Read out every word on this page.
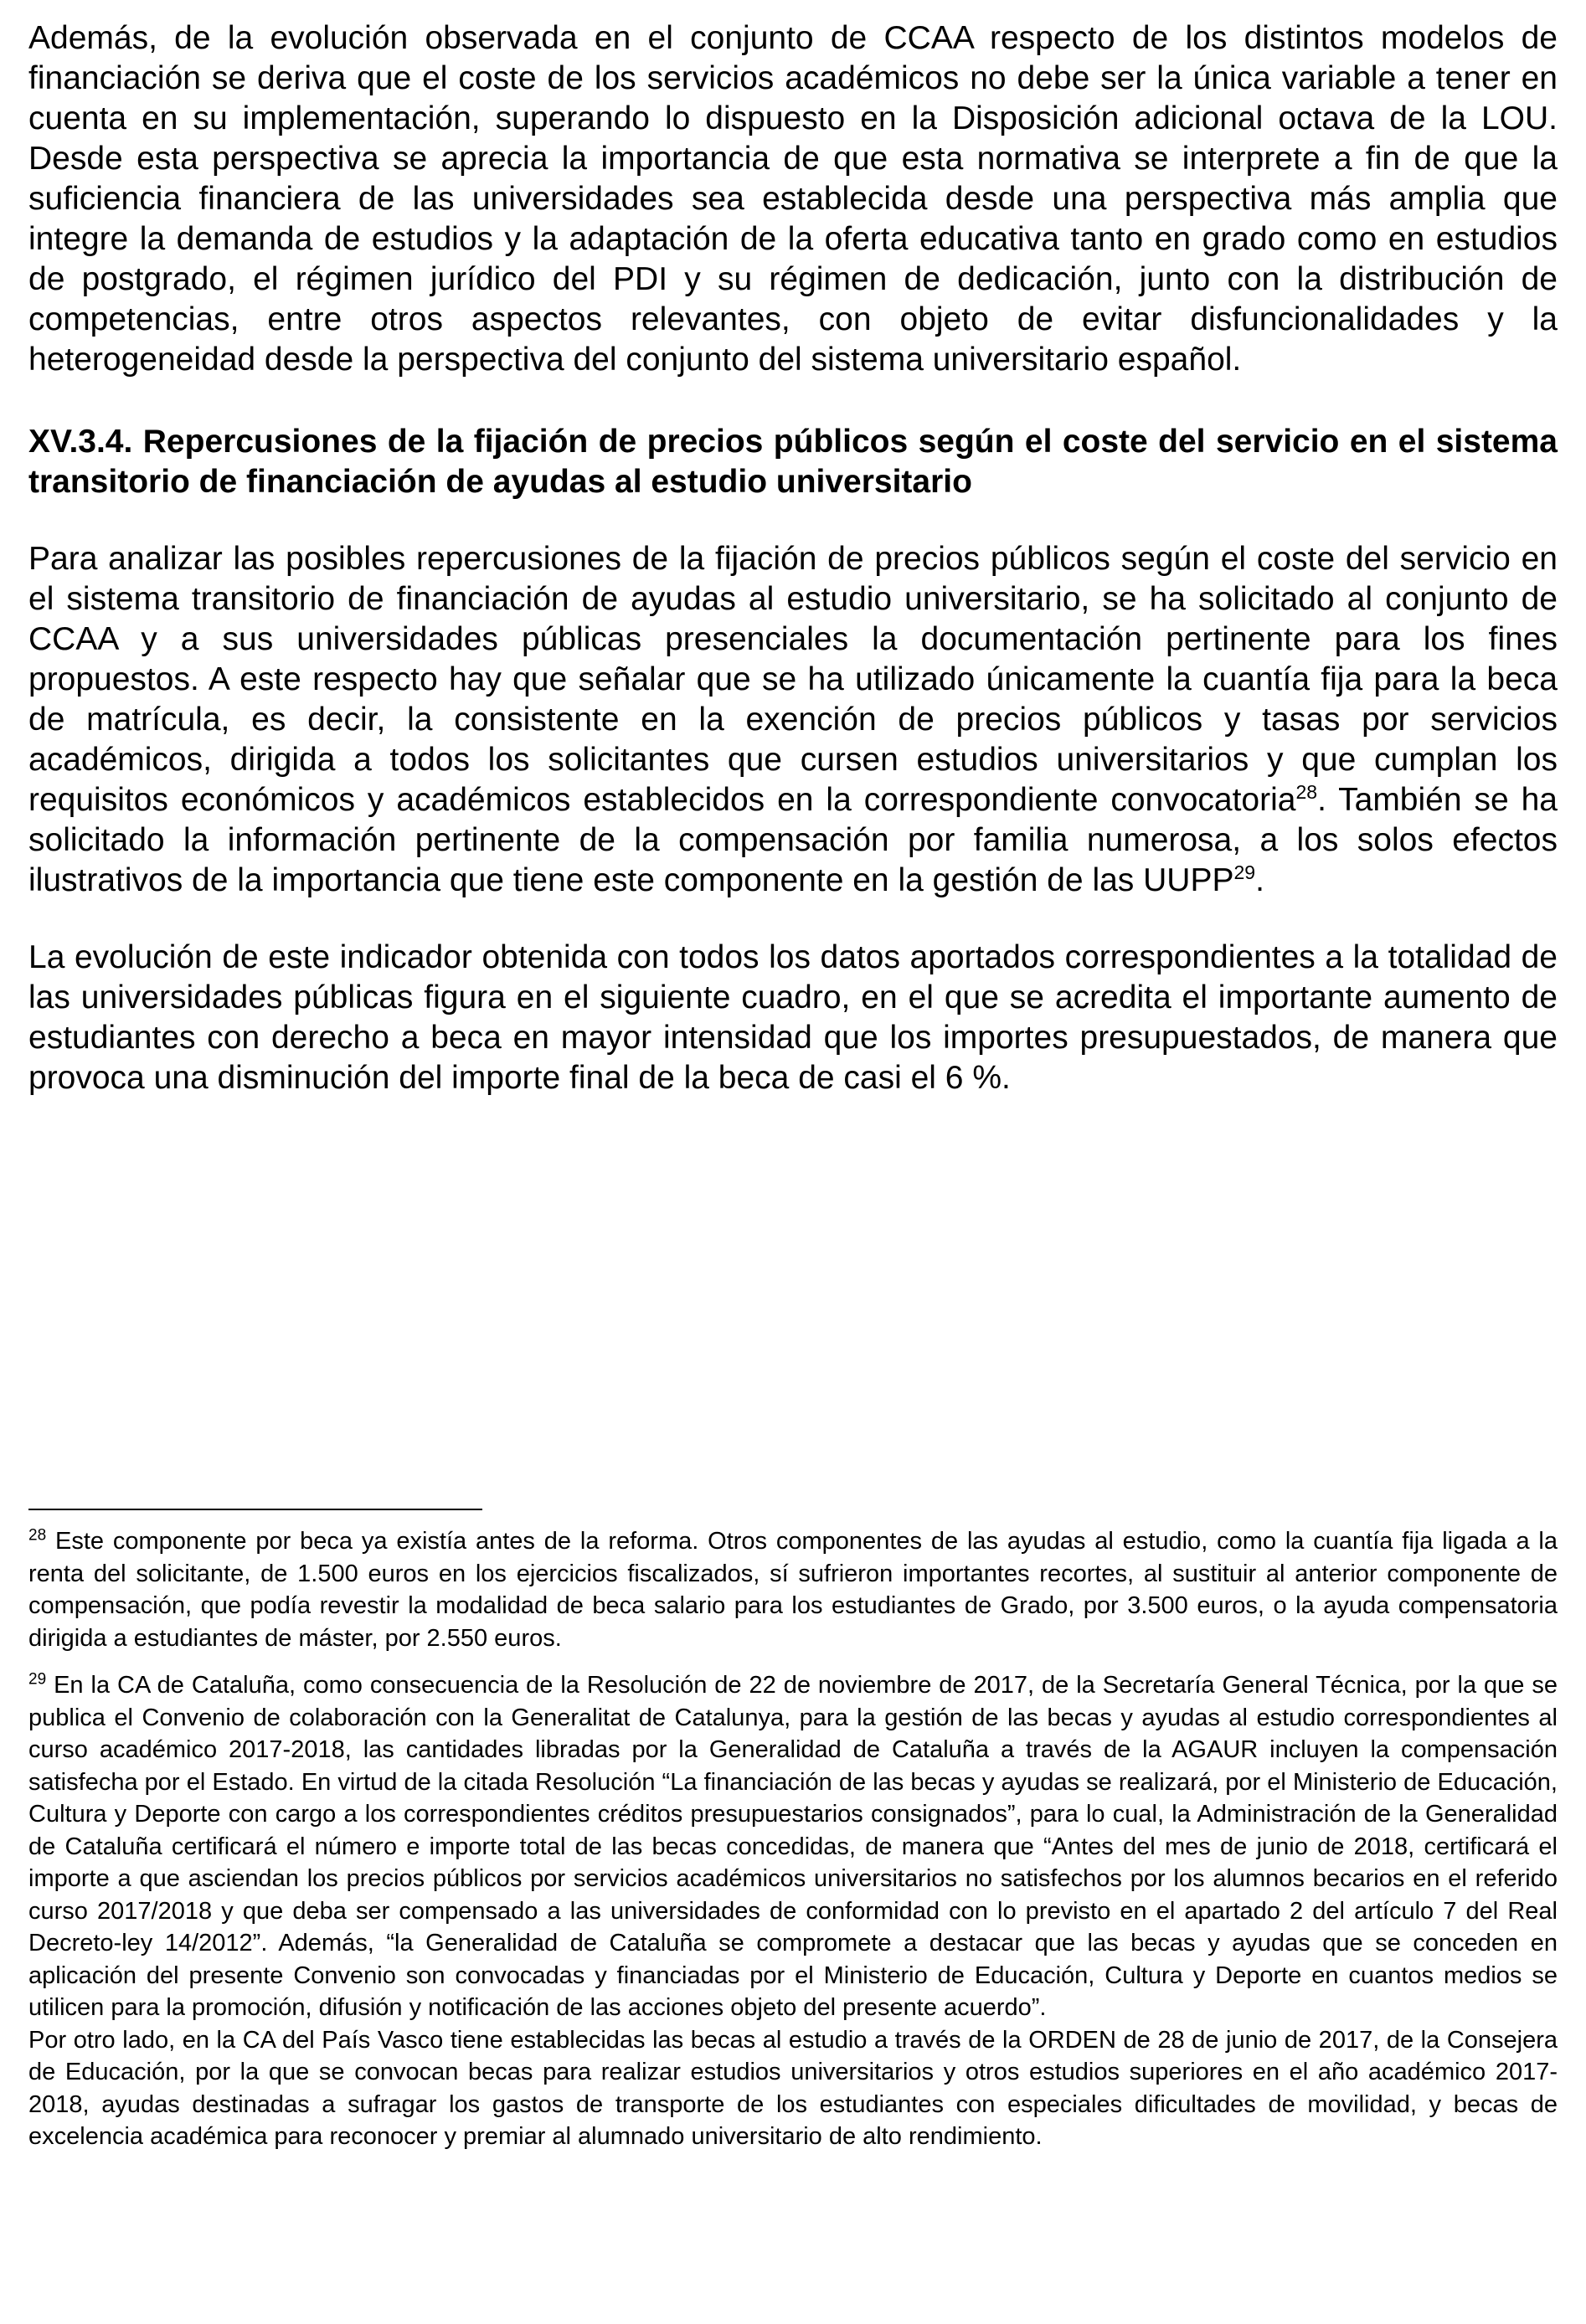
Además, de la evolución observada en el conjunto de CCAA respecto de los distintos modelos de financiación se deriva que el coste de los servicios académicos no debe ser la única variable a tener en cuenta en su implementación, superando lo dispuesto en la Disposición adicional octava de la LOU. Desde esta perspectiva se aprecia la importancia de que esta normativa se interprete a fin de que la suficiencia financiera de las universidades sea establecida desde una perspectiva más amplia que integre la demanda de estudios y la adaptación de la oferta educativa tanto en grado como en estudios de postgrado, el régimen jurídico del PDI y su régimen de dedicación, junto con la distribución de competencias, entre otros aspectos relevantes, con objeto de evitar disfuncionalidades y la heterogeneidad desde la perspectiva del conjunto del sistema universitario español.

XV.3.4. Repercusiones de la fijación de precios públicos según el coste del servicio en el sistema transitorio de financiación de ayudas al estudio universitario

Para analizar las posibles repercusiones de la fijación de precios públicos según el coste del servicio en el sistema transitorio de financiación de ayudas al estudio universitario, se ha solicitado al conjunto de CCAA y a sus universidades públicas presenciales la documentación pertinente para los fines propuestos. A este respecto hay que señalar que se ha utilizado únicamente la cuantía fija para la beca de matrícula, es decir, la consistente en la exención de precios públicos y tasas por servicios académicos, dirigida a todos los solicitantes que cursen estudios universitarios y que cumplan los requisitos económicos y académicos establecidos en la correspondiente convocatoria$^{28}$. También se ha solicitado la información pertinente de la compensación por familia numerosa, a los solos efectos ilustrativos de la importancia que tiene este componente en la gestión de las UUPP$^{29}$.

La evolución de este indicador obtenida con todos los datos aportados correspondientes a la totalidad de las universidades públicas figura en el siguiente cuadro, en el que se acredita el importante aumento de estudiantes con derecho a beca en mayor intensidad que los importes presupuestados, de manera que provoca una disminución del importe final de la beca de casi el 6 %.

$^{28}$ Este componente por beca ya existía antes de la reforma. Otros componentes de las ayudas al estudio, como la cuantía fija ligada a la renta del solicitante, de 1.500 euros en los ejercicios fiscalizados, sí sufrieron importantes recortes, al sustituir al anterior componente de compensación, que podía revestir la modalidad de beca salario para los estudiantes de Grado, por 3.500 euros, o la ayuda compensatoria dirigida a estudiantes de máster, por 2.550 euros.

$^{29}$ En la CA de Cataluña, como consecuencia de la Resolución de 22 de noviembre de 2017, de la Secretaría General Técnica, por la que se publica el Convenio de colaboración con la Generalitat de Catalunya, para la gestión de las becas y ayudas al estudio correspondientes al curso académico 2017-2018, las cantidades libradas por la Generalidad de Cataluña a través de la AGAUR incluyen la compensación satisfecha por el Estado. En virtud de la citada Resolución “La financiación de las becas y ayudas se realizará, por el Ministerio de Educación, Cultura y Deporte con cargo a los correspondientes créditos presupuestarios consignados”, para lo cual, la Administración de la Generalidad de Cataluña certificará el número e importe total de las becas concedidas, de manera que “Antes del mes de junio de 2018, certificará el importe a que asciendan los precios públicos por servicios académicos universitarios no satisfechos por los alumnos becarios en el referido curso 2017/2018 y que deba ser compensado a las universidades de conformidad con lo previsto en el apartado 2 del artículo 7 del Real Decreto-ley 14/2012”. Además, “la Generalidad de Cataluña se compromete a destacar que las becas y ayudas que se conceden en aplicación del presente Convenio son convocadas y financiadas por el Ministerio de Educación, Cultura y Deporte en cuantos medios se utilicen para la promoción, difusión y notificación de las acciones objeto del presente acuerdo”.

Por otro lado, en la CA del País Vasco tiene establecidas las becas al estudio a través de la ORDEN de 28 de junio de 2017, de la Consejera de Educación, por la que se convocan becas para realizar estudios universitarios y otros estudios superiores en el año académico 2017-2018, ayudas destinadas a sufragar los gastos de transporte de los estudiantes con especiales dificultades de movilidad, y becas de excelencia académica para reconocer y premiar al alumnado universitario de alto rendimiento.
